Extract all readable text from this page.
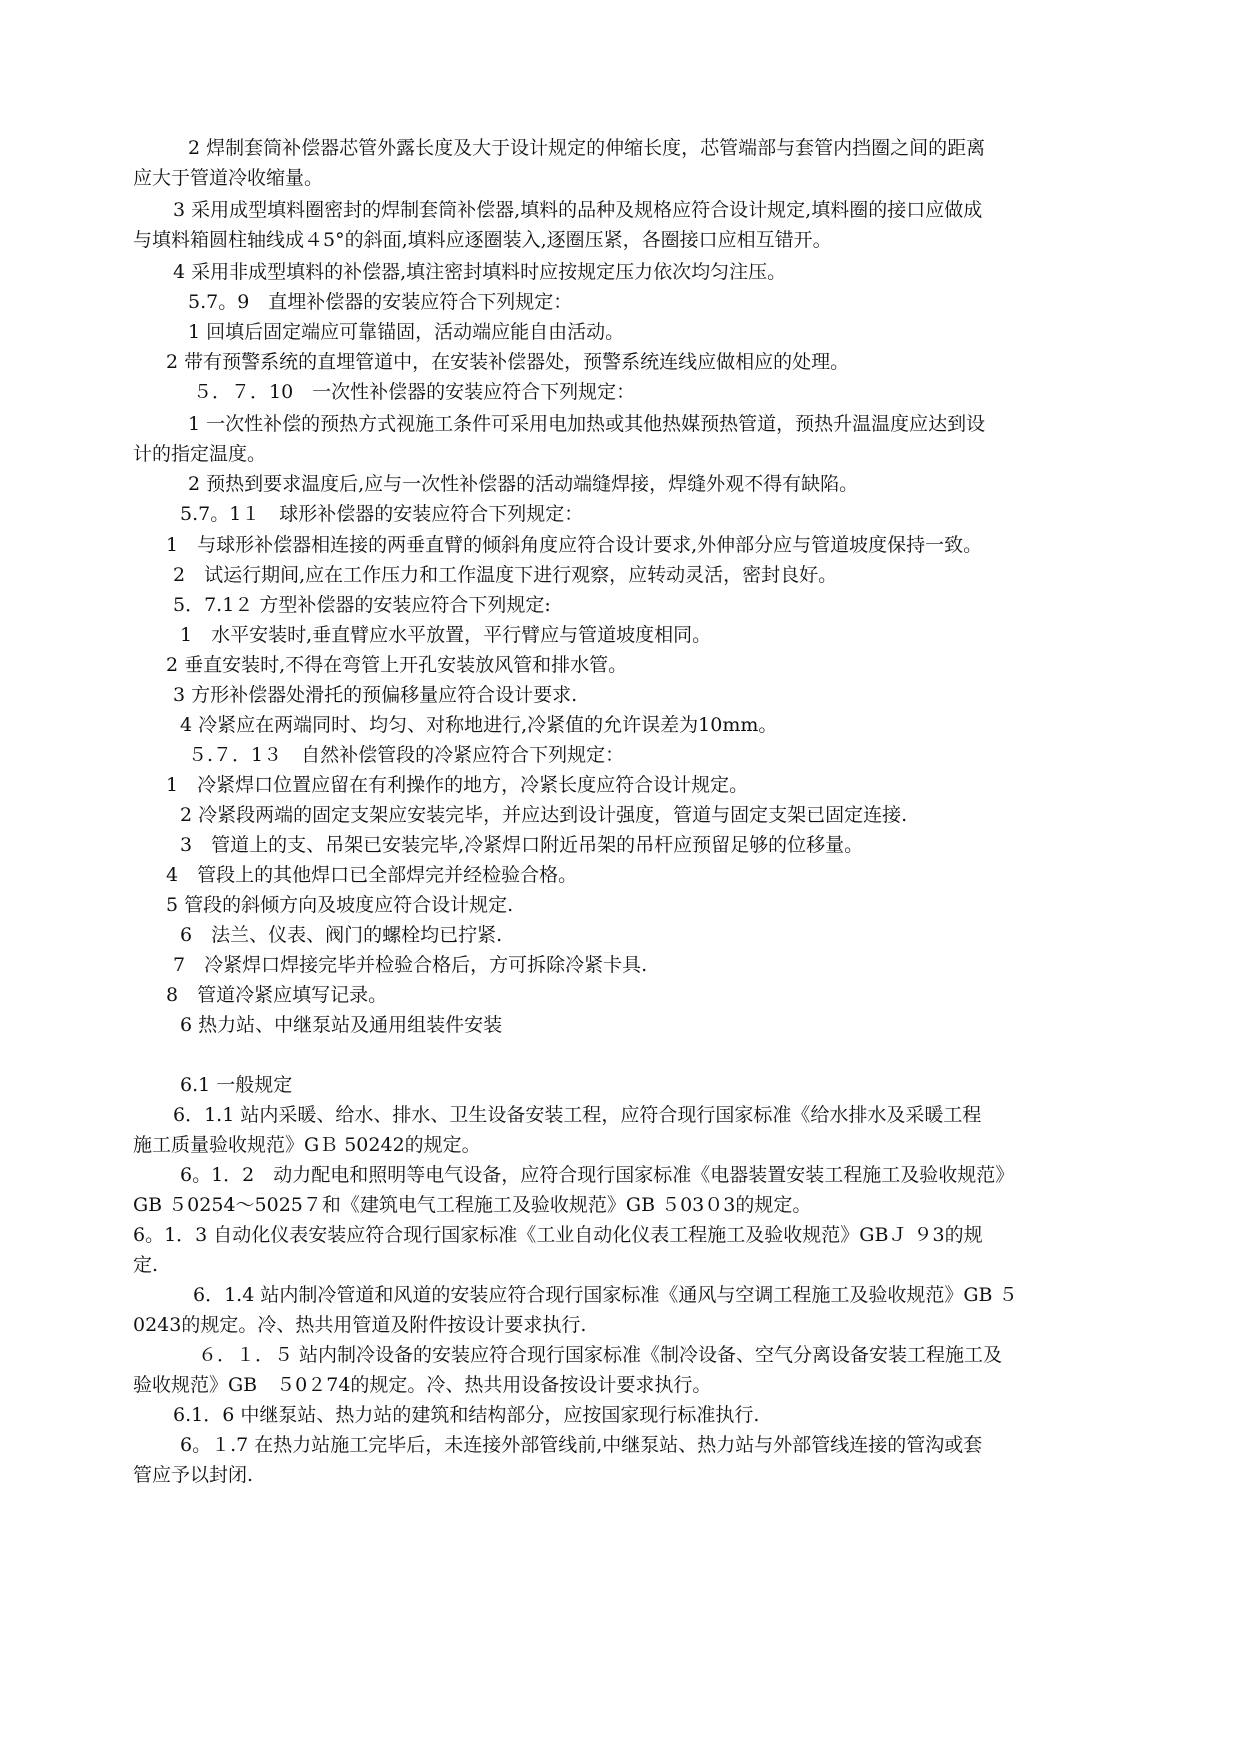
2 焊制套筒补偿器芯管外露长度及大于设计规定的伸缩长度，芯管端部与套管内挡圈之间的距离
应大于管道冷收缩量。
3 采用成型填料圈密封的焊制套筒补偿器,填料的品种及规格应符合设计规定,填料圈的接口应做成
与填料箱圆柱轴线成４5°的斜面,填料应逐圈装入,逐圈压紧，各圈接口应相互错开。
4 采用非成型填料的补偿器,填注密封填料时应按规定压力依次均匀注压。
5.7。9　直埋补偿器的安装应符合下列规定：
1 回填后固定端应可靠锚固，活动端应能自由活动。
2 带有预警系统的直埋管道中，在安装补偿器处，预警系统连线应做相应的处理。
５．７．10　一次性补偿器的安装应符合下列规定：
1 一次性补偿的预热方式视施工条件可采用电加热或其他热媒预热管道，预热升温温度应达到设
计的指定温度。
2 预热到要求温度后,应与一次性补偿器的活动端缝焊接，焊缝外观不得有缺陷。
5.7。1１　球形补偿器的安装应符合下列规定：
1　与球形补偿器相连接的两垂直臂的倾斜角度应符合设计要求,外伸部分应与管道坡度保持一致。
2　试运行期间,应在工作压力和工作温度下进行观察，应转动灵活，密封良好。
5．7.1２ 方型补偿器的安装应符合下列规定:
1　水平安装时,垂直臂应水平放置，平行臂应与管道坡度相同。
2 垂直安装时,不得在弯管上开孔安装放风管和排水管。
3 方形补偿器处滑托的预偏移量应符合设计要求.
4 冷紧应在两端同时、均匀、对称地进行,冷紧值的允许误差为10mm。
５.７．1３　自然补偿管段的冷紧应符合下列规定：
1　冷紧焊口位置应留在有利操作的地方，冷紧长度应符合设计规定。
2 冷紧段两端的固定支架应安装完毕，并应达到设计强度，管道与固定支架已固定连接.
3　管道上的支、吊架已安装完毕,冷紧焊口附近吊架的吊杆应预留足够的位移量。
4　管段上的其他焊口已全部焊完并经检验合格。
5 管段的斜倾方向及坡度应符合设计规定.
6　法兰、仪表、阀门的螺栓均已拧紧.
7　冷紧焊口焊接完毕并检验合格后，方可拆除冷紧卡具.
8　管道冷紧应填写记录。
6 热力站、中继泵站及通用组装件安装
6.1 一般规定
6．1.1 站内采暖、给水、排水、卫生设备安装工程，应符合现行国家标准《给水排水及采暖工程
施工质量验收规范》GＢ 50242的规定。
6。1．2　动力配电和照明等电气设备，应符合现行国家标准《电器装置安装工程施工及验收规范》
GB ５0254～5025７和《建筑电气工程施工及验收规范》GB ５03０3的规定。
6。1．3 自动化仪表安装应符合现行国家标准《工业自动化仪表工程施工及验收规范》GBＪ ９3的规
定.
6．1.4 站内制冷管道和风道的安装应符合现行国家标准《通风与空调工程施工及验收规范》GB ５
0243的规定。冷、热共用管道及附件按设计要求执行.
６．１．５ 站内制冷设备的安装应符合现行国家标准《制冷设备、空气分离设备安装工程施工及
验收规范》GB　５0２74的规定。冷、热共用设备按设计要求执行。
6.1．6 中继泵站、热力站的建筑和结构部分，应按国家现行标准执行.
6。１.7 在热力站施工完毕后，未连接外部管线前,中继泵站、热力站与外部管线连接的管沟或套
管应予以封闭.
